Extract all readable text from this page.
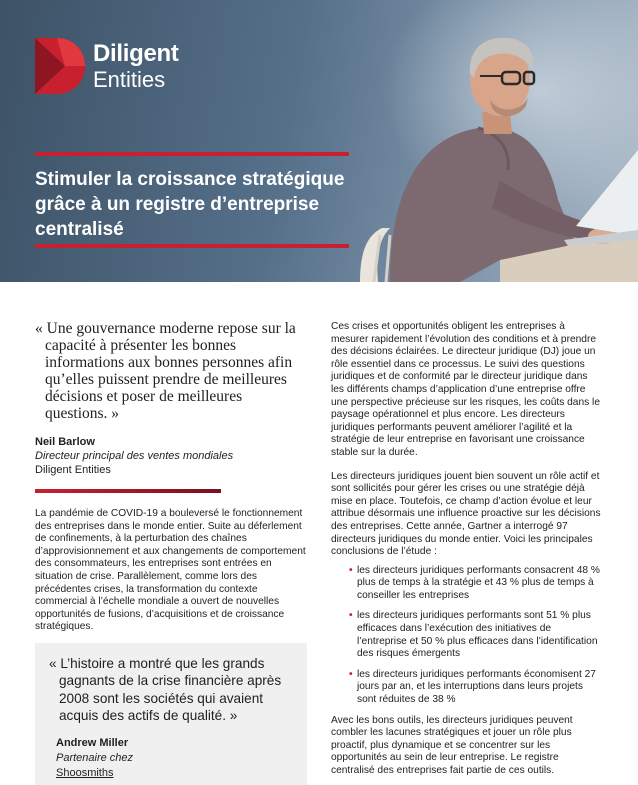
Diligent
Entities
Stimuler la croissance stratégique grâce à un registre d’entreprise centralisé
« Une gouvernance moderne repose sur la capacité à présenter les bonnes informations aux bonnes personnes afin qu’elles puissent prendre de meilleures décisions et poser de meilleures questions. »
Neil Barlow
Directeur principal des ventes mondiales
Diligent Entities

La pandémie de COVID-19 a bouleversé le fonctionnement des entreprises dans le monde entier. Suite au déferlement de confinements, à la perturbation des chaînes d’approvisionnement et aux changements de comportement des consommateurs, les entreprises sont entrées en situation de crise. Parallèlement, comme lors des précédentes crises, la transformation du contexte commercial à l’échelle mondiale a ouvert de nouvelles opportunités de fusions, d’acquisitions et de croissance stratégiques.

« L’histoire a montré que les grands gagnants de la crise financière après 2008 sont les sociétés qui avaient acquis des actifs de qualité. »
Andrew Miller
Partenaire chez
Shoosmiths

Ces crises et opportunités obligent les entreprises à mesurer rapidement l’évolution des conditions et à prendre des décisions éclairées. Le directeur juridique (DJ) joue un rôle essentiel dans ce processus. Le suivi des questions juridiques et de conformité par le directeur juridique dans les différents champs d’application d’une entreprise offre une perspective précieuse sur les risques, les coûts dans le paysage opérationnel et plus encore. Les directeurs juridiques performants peuvent améliorer l’agilité et la stratégie de leur entreprise en favorisant une croissance stable sur la durée.

Les directeurs juridiques jouent bien souvent un rôle actif et sont sollicités pour gérer les crises ou une stratégie déjà mise en place. Toutefois, ce champ d’action évolue et leur attribue désormais une influence proactive sur les décisions des entreprises. Cette année, Gartner a interrogé 97 directeurs juridiques du monde entier. Voici les principales conclusions de l’étude :

• les directeurs juridiques performants consacrent 48 % plus de temps à la stratégie et 43 % plus de temps à conseiller les entreprises
• les directeurs juridiques performants sont 51 % plus efficaces dans l’exécution des initiatives de l’entreprise et 50 % plus efficaces dans l’identification des risques émergents
• les directeurs juridiques performants économisent 27 jours par an, et les interruptions dans leurs projets sont réduites de 38 %

Avec les bons outils, les directeurs juridiques peuvent combler les lacunes stratégiques et jouer un rôle plus proactif, plus dynamique et se concentrer sur les opportunités au sein de leur entreprise. Le registre centralisé des entreprises fait partie de ces outils.
